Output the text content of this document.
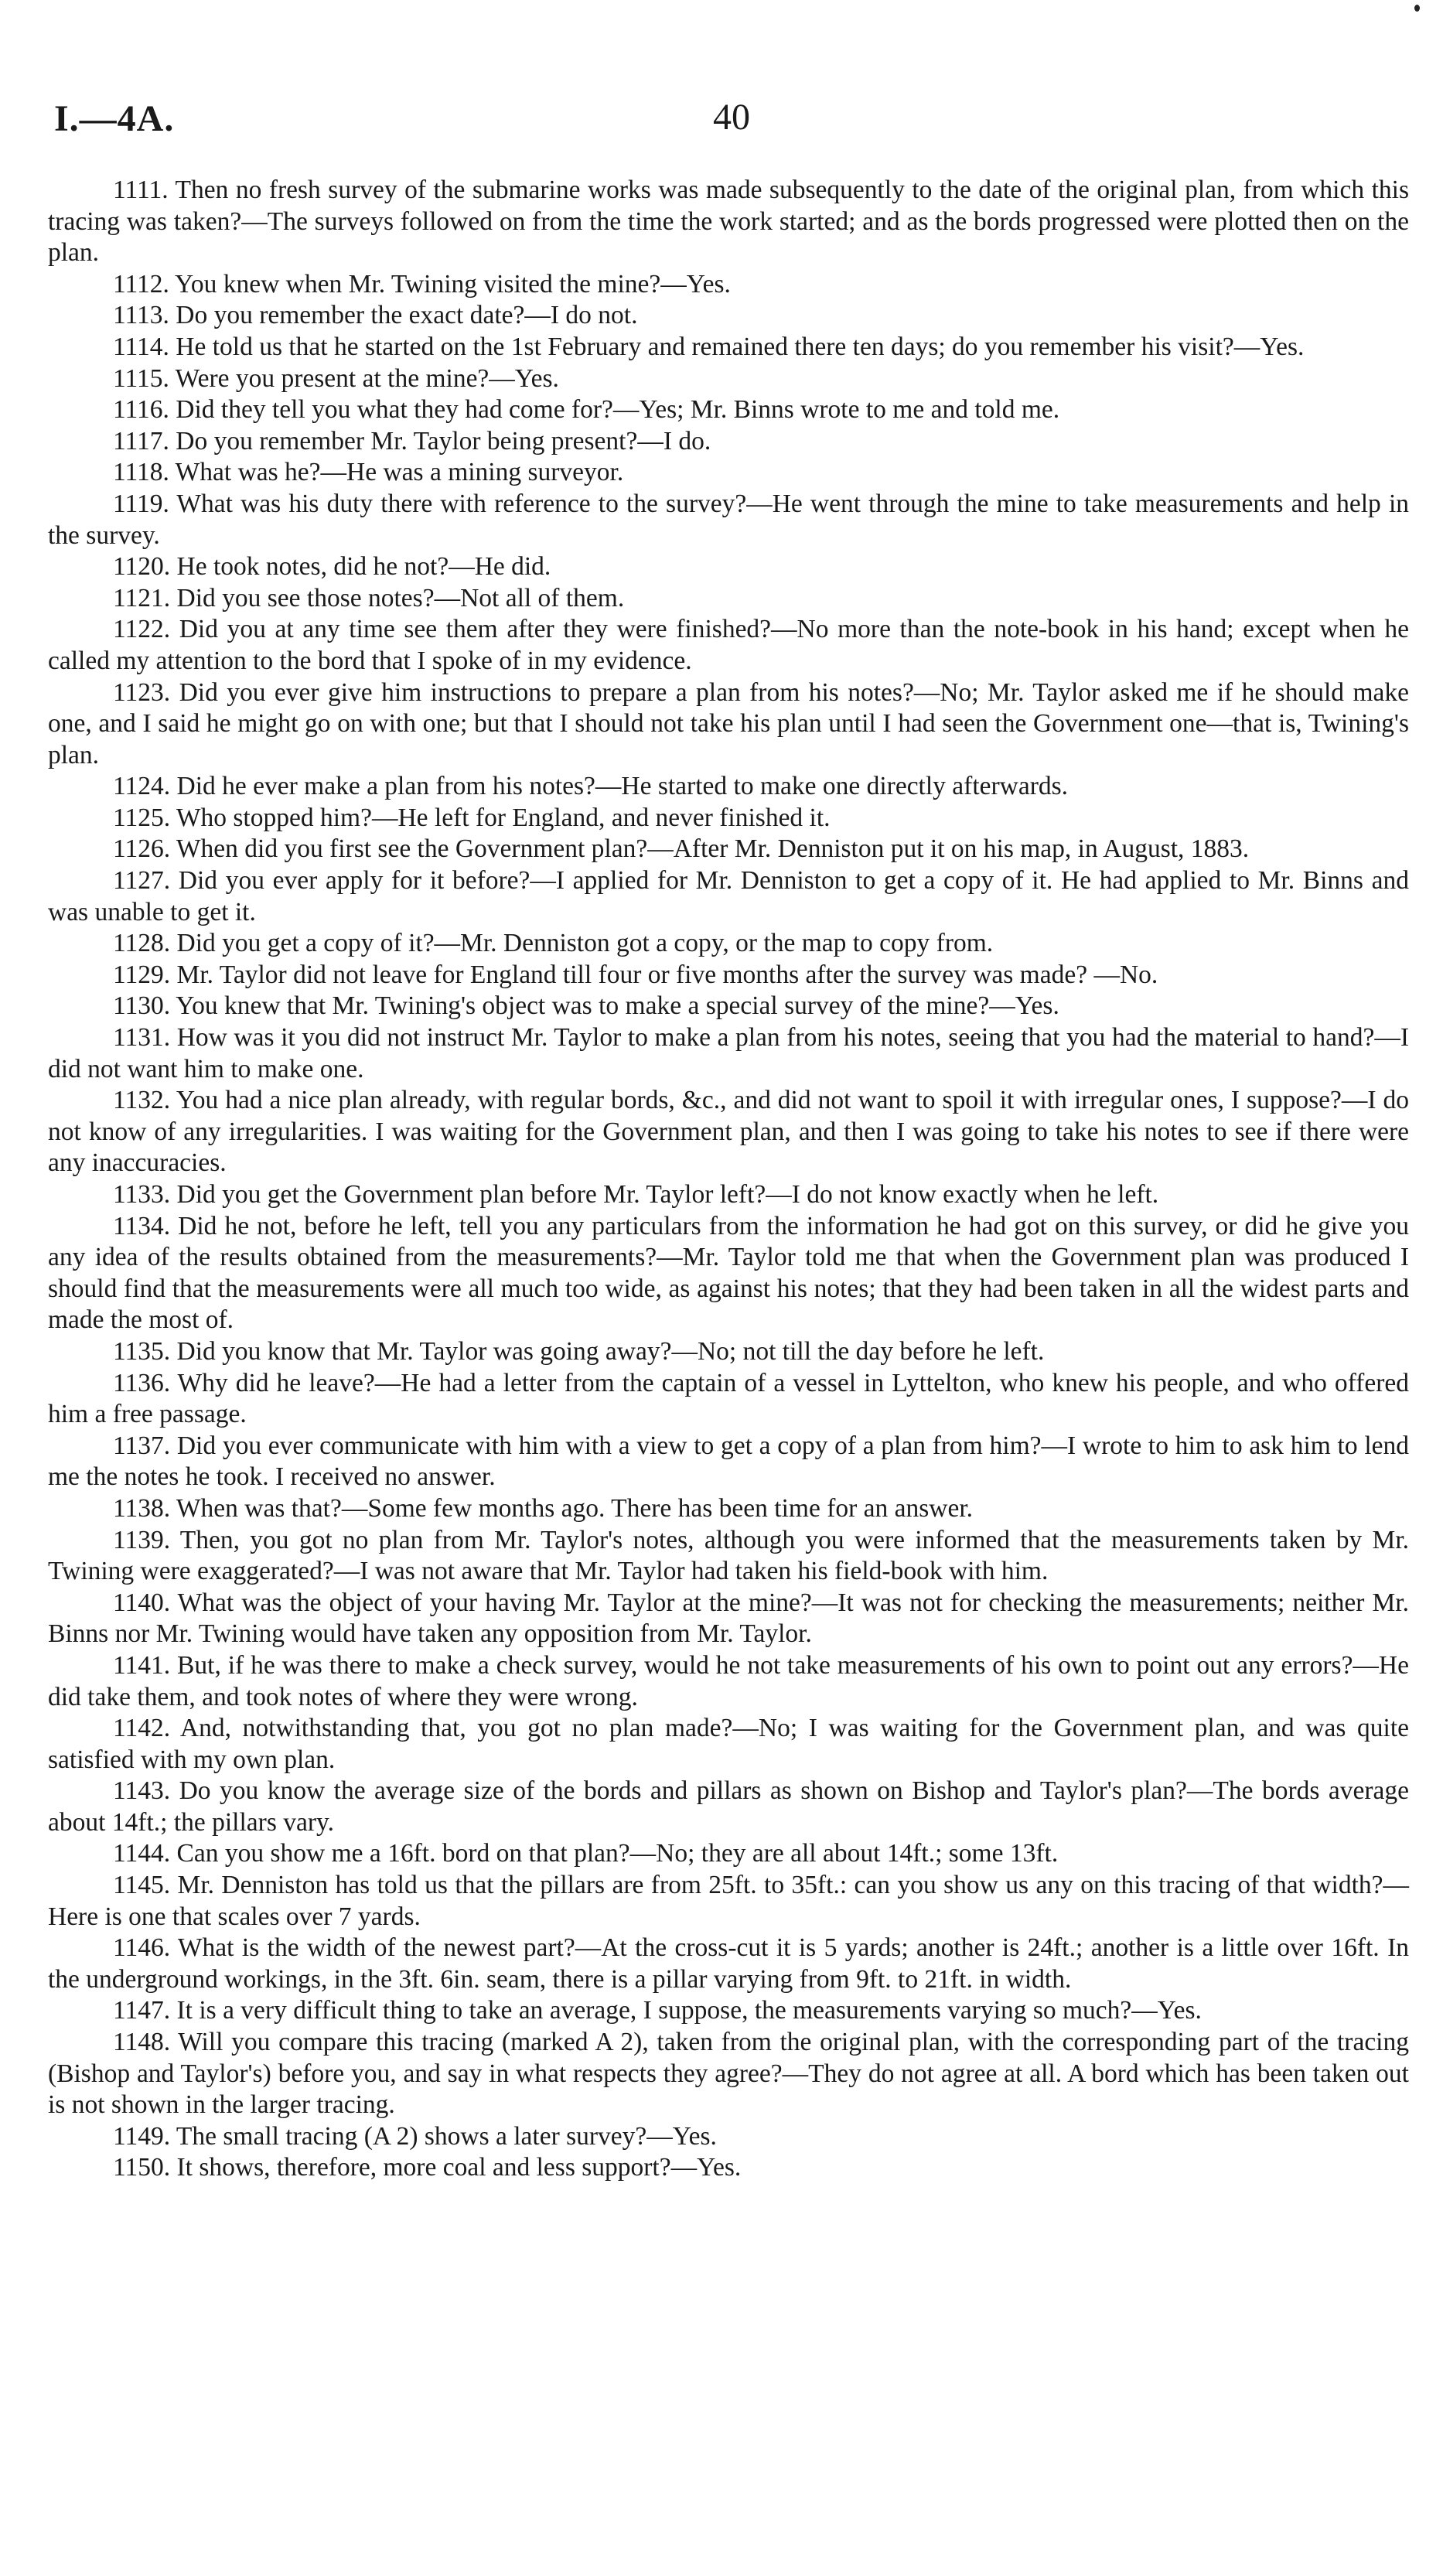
I.—4A.	40

1111. Then no fresh survey of the submarine works was made subsequently to the date of the original plan, from which this tracing was taken?—The surveys followed on from the time the work started; and as the bords progressed were plotted then on the plan.

1112. You knew when Mr. Twining visited the mine?—Yes.

1113. Do you remember the exact date?—I do not.

1114. He told us that he started on the 1st February and remained there ten days; do you remember his visit?—Yes.

1115. Were you present at the mine?—Yes.

1116. Did they tell you what they had come for?—Yes; Mr. Binns wrote to me and told me.

1117. Do you remember Mr. Taylor being present?—I do.

1118. What was he?—He was a mining surveyor.

1119. What was his duty there with reference to the survey?—He went through the mine to take measurements and help in the survey.

1120. He took notes, did he not?—He did.

1121. Did you see those notes?—Not all of them.

1122. Did you at any time see them after they were finished?—No more than the note-book in his hand; except when he called my attention to the bord that I spoke of in my evidence.

1123. Did you ever give him instructions to prepare a plan from his notes?—No; Mr. Taylor asked me if he should make one, and I said he might go on with one; but that I should not take his plan until I had seen the Government one—that is, Twining's plan.

1124. Did he ever make a plan from his notes?—He started to make one directly afterwards.

1125. Who stopped him?—He left for England, and never finished it.

1126. When did you first see the Government plan?—After Mr. Denniston put it on his map, in August, 1883.

1127. Did you ever apply for it before?—I applied for Mr. Denniston to get a copy of it. He had applied to Mr. Binns and was unable to get it.

1128. Did you get a copy of it?—Mr. Denniston got a copy, or the map to copy from.

1129. Mr. Taylor did not leave for England till four or five months after the survey was made? —No.

1130. You knew that Mr. Twining's object was to make a special survey of the mine?—Yes.

1131. How was it you did not instruct Mr. Taylor to make a plan from his notes, seeing that you had the material to hand?—I did not want him to make one.

1132. You had a nice plan already, with regular bords, &c., and did not want to spoil it with irregular ones, I suppose?—I do not know of any irregularities. I was waiting for the Government plan, and then I was going to take his notes to see if there were any inaccuracies.

1133. Did you get the Government plan before Mr. Taylor left?—I do not know exactly when he left.

1134. Did he not, before he left, tell you any particulars from the information he had got on this survey, or did he give you any idea of the results obtained from the measurements?—Mr. Taylor told me that when the Government plan was produced I should find that the measurements were all much too wide, as against his notes; that they had been taken in all the widest parts and made the most of.

1135. Did you know that Mr. Taylor was going away?—No; not till the day before he left.

1136. Why did he leave?—He had a letter from the captain of a vessel in Lyttelton, who knew his people, and who offered him a free passage.

1137. Did you ever communicate with him with a view to get a copy of a plan from him?—I wrote to him to ask him to lend me the notes he took. I received no answer.

1138. When was that?—Some few months ago. There has been time for an answer.

1139. Then, you got no plan from Mr. Taylor's notes, although you were informed that the measurements taken by Mr. Twining were exaggerated?—I was not aware that Mr. Taylor had taken his field-book with him.

1140. What was the object of your having Mr. Taylor at the mine?—It was not for checking the measurements; neither Mr. Binns nor Mr. Twining would have taken any opposition from Mr. Taylor.

1141. But, if he was there to make a check survey, would he not take measurements of his own to point out any errors?—He did take them, and took notes of where they were wrong.

1142. And, notwithstanding that, you got no plan made?—No; I was waiting for the Government plan, and was quite satisfied with my own plan.

1143. Do you know the average size of the bords and pillars as shown on Bishop and Taylor's plan?—The bords average about 14ft.; the pillars vary.

1144. Can you show me a 16ft. bord on that plan?—No; they are all about 14ft.; some 13ft.

1145. Mr. Denniston has told us that the pillars are from 25ft. to 35ft.: can you show us any on this tracing of that width?—Here is one that scales over 7 yards.

1146. What is the width of the newest part?—At the cross-cut it is 5 yards; another is 24ft.; another is a little over 16ft. In the underground workings, in the 3ft. 6in. seam, there is a pillar varying from 9ft. to 21ft. in width.

1147. It is a very difficult thing to take an average, I suppose, the measurements varying so much?—Yes.

1148. Will you compare this tracing (marked A 2), taken from the original plan, with the corresponding part of the tracing (Bishop and Taylor's) before you, and say in what respects they agree?—They do not agree at all. A bord which has been taken out is not shown in the larger tracing.

1149. The small tracing (A 2) shows a later survey?—Yes.

1150. It shows, therefore, more coal and less support?—Yes.
